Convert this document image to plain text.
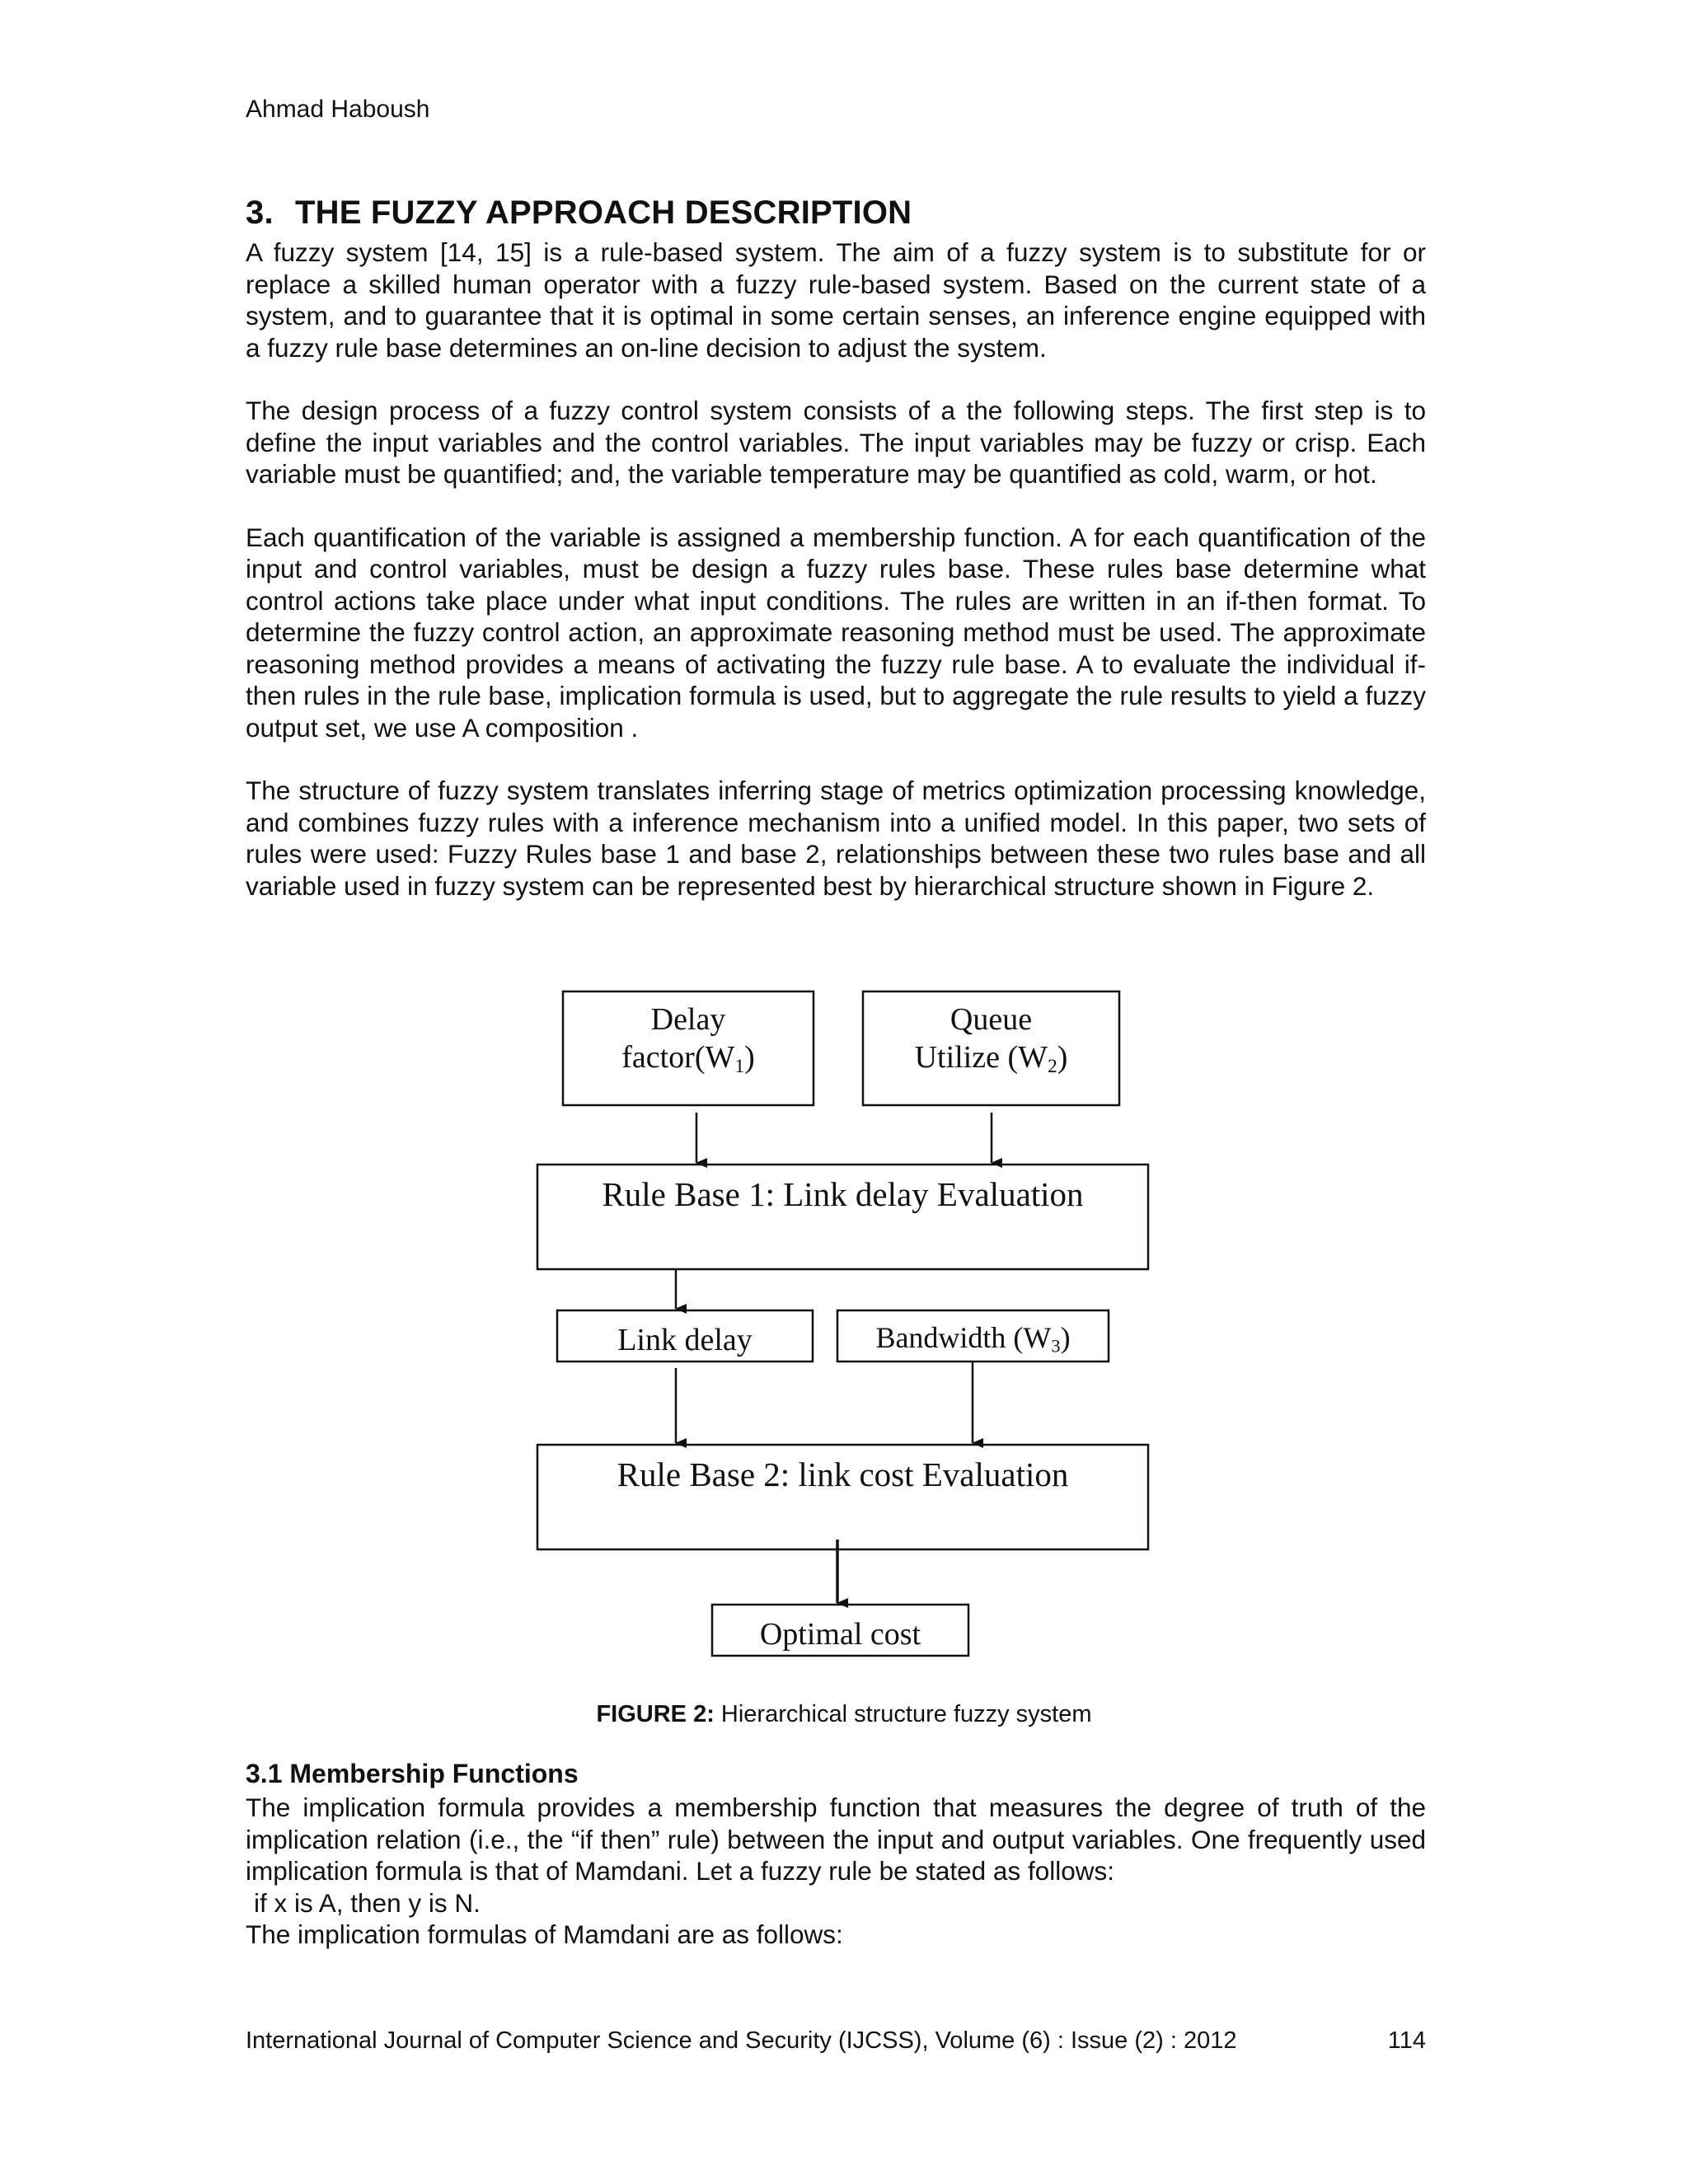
Ahmad Haboush
3. THE FUZZY APPROACH DESCRIPTION

A fuzzy system [14, 15] is a rule-based system. The aim of a fuzzy system is to substitute for or replace a skilled human operator with a fuzzy rule-based system. Based on the current state of a system, and to guarantee that it is optimal in some certain senses, an inference engine equipped with a fuzzy rule base determines an on-line decision to adjust the system.

The design process of a fuzzy control system consists of a the following steps. The first step is to define the input variables and the control variables. The input variables may be fuzzy or crisp. Each variable must be quantified; and, the variable temperature may be quantified as cold, warm, or hot.

Each quantification of the variable is assigned a membership function. A for each quantification of the input and control variables, must be design a fuzzy rules base. These rules base determine what control actions take place under what input conditions. The rules are written in an if-then format. To determine the fuzzy control action, an approximate reasoning method must be used. The approximate reasoning method provides a means of activating the fuzzy rule base. A to evaluate the individual if-then rules in the rule base, implication formula is used, but to aggregate the rule results to yield a fuzzy output set, we use A composition .

The structure of fuzzy system translates inferring stage of metrics optimization processing knowledge, and combines fuzzy rules with a inference mechanism into a unified model. In this paper, two sets of rules were used: Fuzzy Rules base 1 and base 2, relationships between these two rules base and all variable used in fuzzy system can be represented best by hierarchical structure shown in Figure 2.

Delay
$factor(W_1)$
Queue
Utilize $(W_2)$
Rule Base 1: Link delay Evaluation
Link delay	Bandwidth $(W_3)$
Rule Base 2: link cost Evaluation
Optimal cost
FIGURE 2: Hierarchical structure fuzzy system
3.1 Membership Functions

The implication formula provides a membership function that measures the degree of truth of the implication relation (i.e., the “if then” rule) between the input and output variables. One frequently used implication formula is that of Mamdani. Let a fuzzy rule be stated as follows:

if x is A, then y is N.
The implication formulas of Mamdani are as follows:
International Journal of Computer Science and Security (IJCSS), Volume (6) : Issue (2) : 2012	114
